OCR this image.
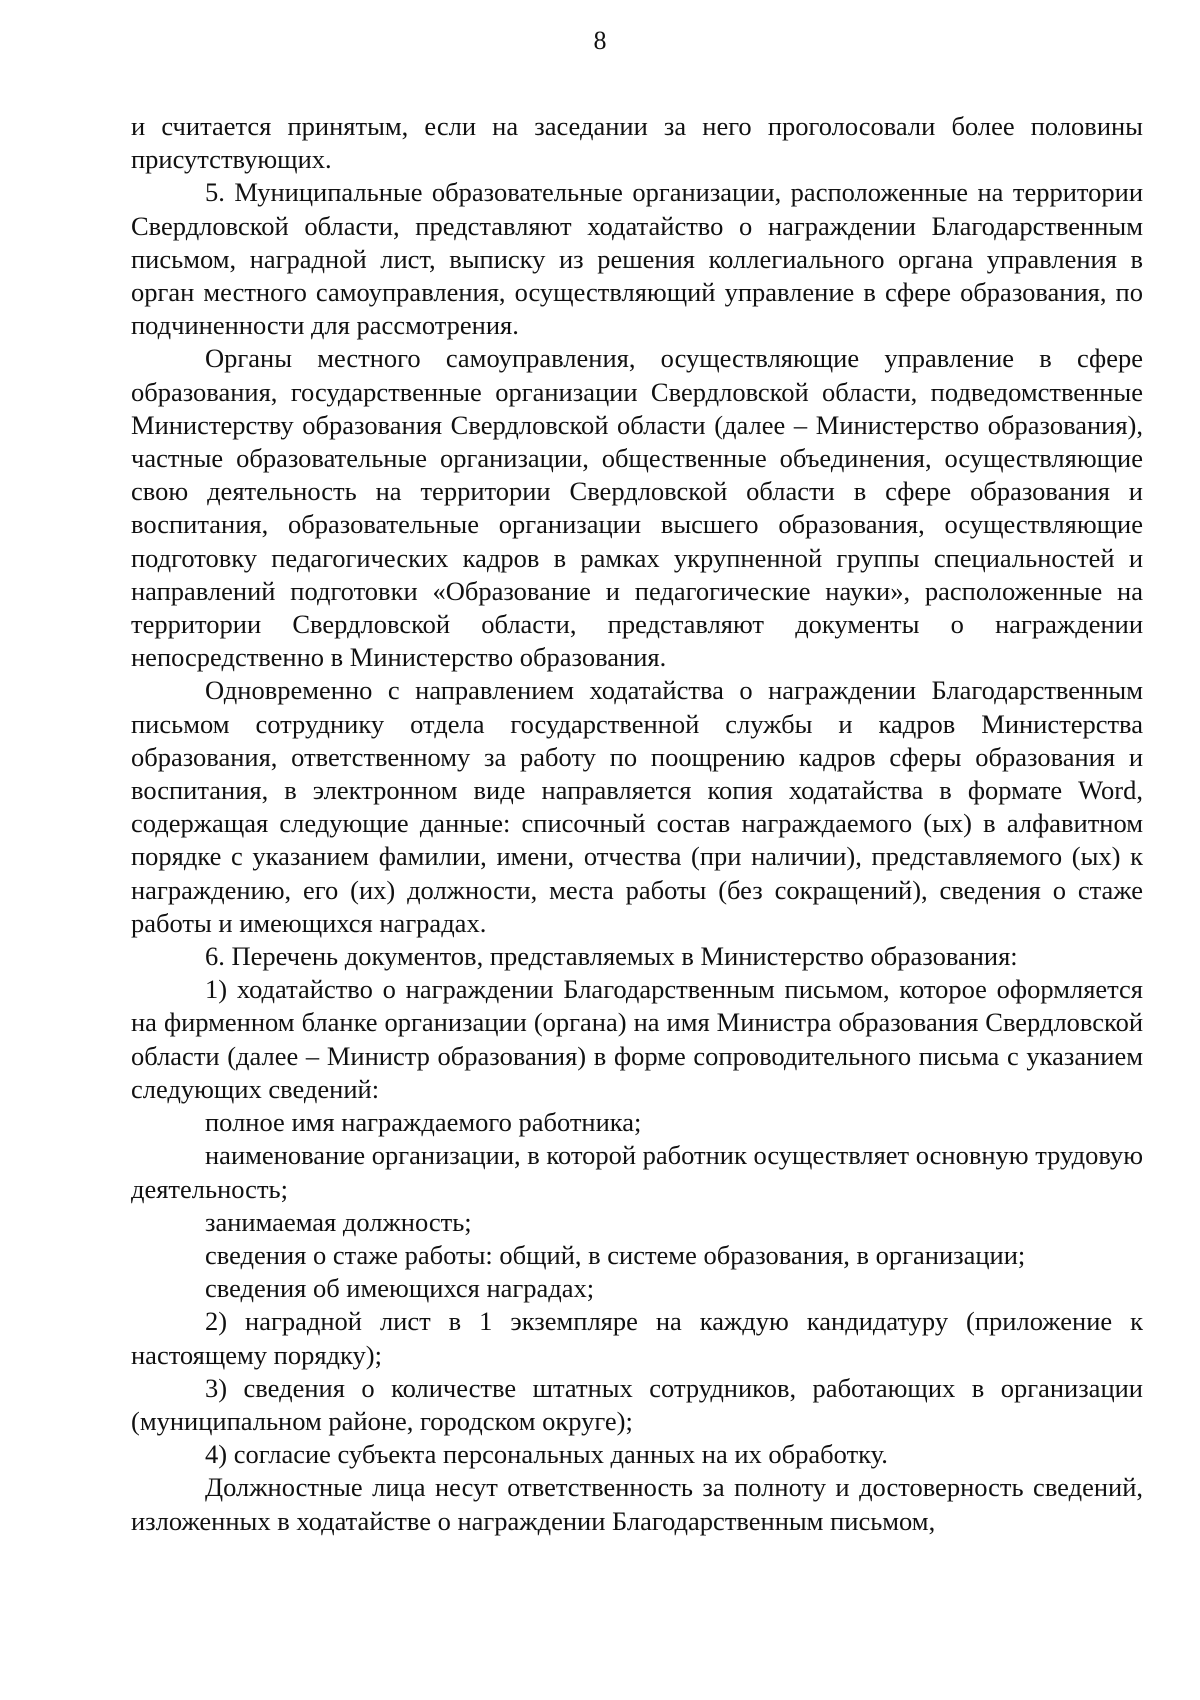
8

и считается принятым, если на заседании за него проголосовали более половины присутствующих.

5. Муниципальные образовательные организации, расположенные на территории Свердловской области, представляют ходатайство о награждении Благодарственным письмом, наградной лист, выписку из решения коллегиального органа управления в орган местного самоуправления, осуществляющий управление в сфере образования, по подчиненности для рассмотрения.

Органы местного самоуправления, осуществляющие управление в сфере образования, государственные организации Свердловской области, подведомственные Министерству образования Свердловской области (далее – Министерство образования), частные образовательные организации, общественные объединения, осуществляющие свою деятельность на территории Свердловской области в сфере образования и воспитания, образовательные организации высшего образования, осуществляющие подготовку педагогических кадров в рамках укрупненной группы специальностей и направлений подготовки «Образование и педагогические науки», расположенные на территории Свердловской области, представляют документы о награждении непосредственно в Министерство образования.

Одновременно с направлением ходатайства о награждении Благодарственным письмом сотруднику отдела государственной службы и кадров Министерства образования, ответственному за работу по поощрению кадров сферы образования и воспитания, в электронном виде направляется копия ходатайства в формате Word, содержащая следующие данные: списочный состав награждаемого (ых) в алфавитном порядке с указанием фамилии, имени, отчества (при наличии), представляемого (ых) к награждению, его (их) должности, места работы (без сокращений), сведения о стаже работы и имеющихся наградах.

6. Перечень документов, представляемых в Министерство образования:

1) ходатайство о награждении Благодарственным письмом, которое оформляется на фирменном бланке организации (органа) на имя Министра образования Свердловской области (далее – Министр образования) в форме сопроводительного письма с указанием следующих сведений:

полное имя награждаемого работника;

наименование организации, в которой работник осуществляет основную трудовую деятельность;

занимаемая должность;

сведения о стаже работы: общий, в системе образования, в организации;

сведения об имеющихся наградах;

2) наградной лист в 1 экземпляре на каждую кандидатуру (приложение к настоящему порядку);

3) сведения о количестве штатных сотрудников, работающих в организации (муниципальном районе, городском округе);

4) согласие субъекта персональных данных на их обработку.

Должностные лица несут ответственность за полноту и достоверность сведений, изложенных в ходатайстве о награждении Благодарственным письмом,
